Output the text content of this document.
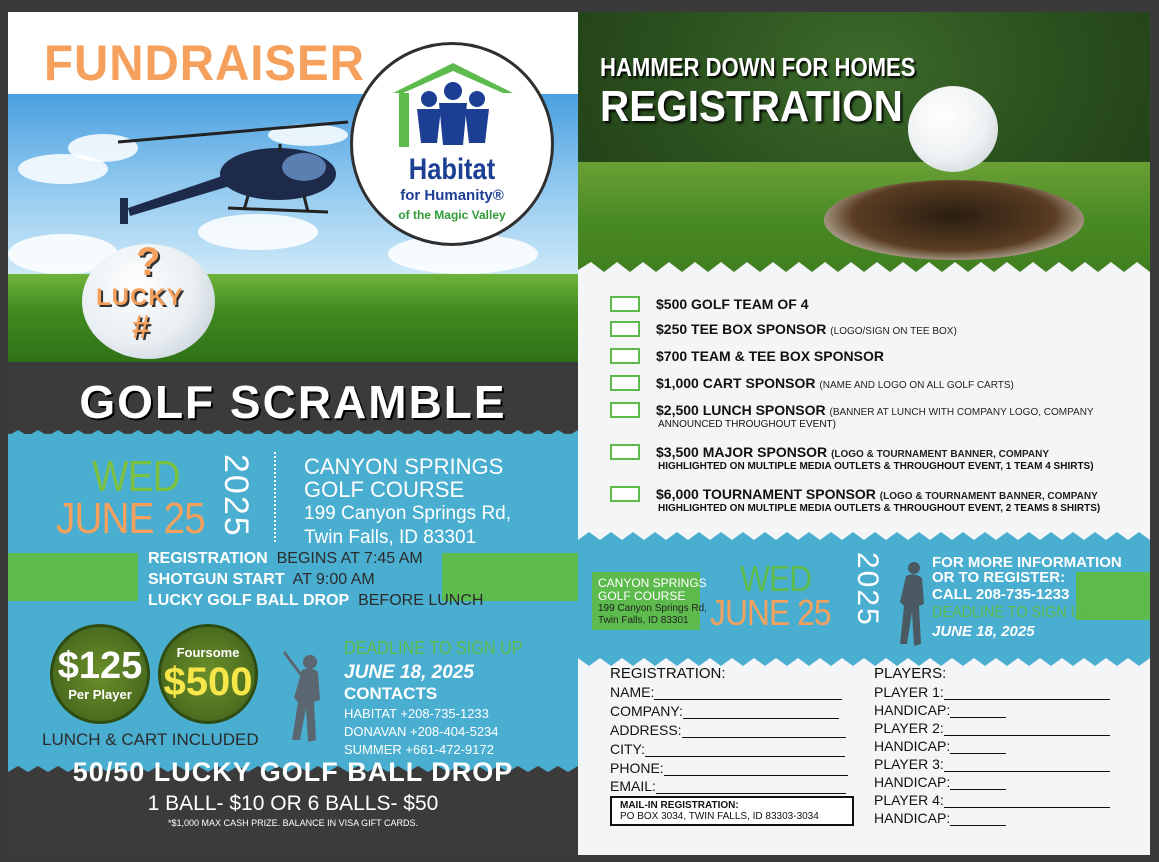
FUNDRAISER
?
LUCKY
#
Habitat
for Humanity®
of the Magic Valley
GOLF SCRAMBLE
WED
JUNE 25 2025 CANYON SPRINGS
GOLF COURSE
199 Canyon Springs Rd,
Twin Falls, ID 83301
REGISTRATION BEGINS AT 7:45 AM
SHOTGUN START AT 9:00 AM
LUCKY GOLF BALL DROP BEFORE LUNCH
$125
Per Player
Foursome
$500
LUNCH & CART INCLUDED
DEADLINE TO SIGN UP
JUNE 18, 2025
CONTACTS
HABITAT +208-735-1233
DONAVAN +208-404-5234
SUMMER +661-472-9172
50/50 LUCKY GOLF BALL DROP
1 BALL- $10 OR 6 BALLS- $50
*$1,000 MAX CASH PRIZE. BALANCE IN VISA GIFT CARDS.
HAMMER DOWN FOR HOMES
REGISTRATION
$500 GOLF TEAM OF 4
$250 TEE BOX SPONSOR (LOGO/SIGN ON TEE BOX)
$700 TEAM & TEE BOX SPONSOR
$1,000 CART SPONSOR (NAME AND LOGO ON ALL GOLF CARTS)
$2,500 LUNCH SPONSOR (BANNER AT LUNCH WITH COMPANY LOGO, COMPANY
ANNOUNCED THROUGHOUT EVENT)
$3,500 MAJOR SPONSOR (LOGO & TOURNAMENT BANNER, COMPANY
HIGHLIGHTED ON MULTIPLE MEDIA OUTLETS & THROUGHOUT EVENT, 1 TEAM 4 SHIRTS)
$6,000 TOURNAMENT SPONSOR (LOGO & TOURNAMENT BANNER, COMPANY
HIGHLIGHTED ON MULTIPLE MEDIA OUTLETS & THROUGHOUT EVENT, 2 TEAMS 8 SHIRTS)
CANYON SPRINGS
GOLF COURSE
199 Canyon Springs Rd,
Twin Falls, ID 83301
WED
JUNE 25 2025	FOR MORE INFORMATION
OR TO REGISTER:
CALL 208-735-1233
DEADLINE TO SIGN UP
JUNE 18, 2025
REGISTRATION:
NAME:
COMPANY:
ADDRESS:
CITY:
PHONE:
EMAIL:
MAIL-IN REGISTRATION:
PO BOX 3034, TWIN FALLS, ID 83303-3034
PLAYERS:
PLAYER 1:
HANDICAP:
PLAYER 2:
HANDICAP:
PLAYER 3:
HANDICAP:
PLAYER 4:
HANDICAP:
